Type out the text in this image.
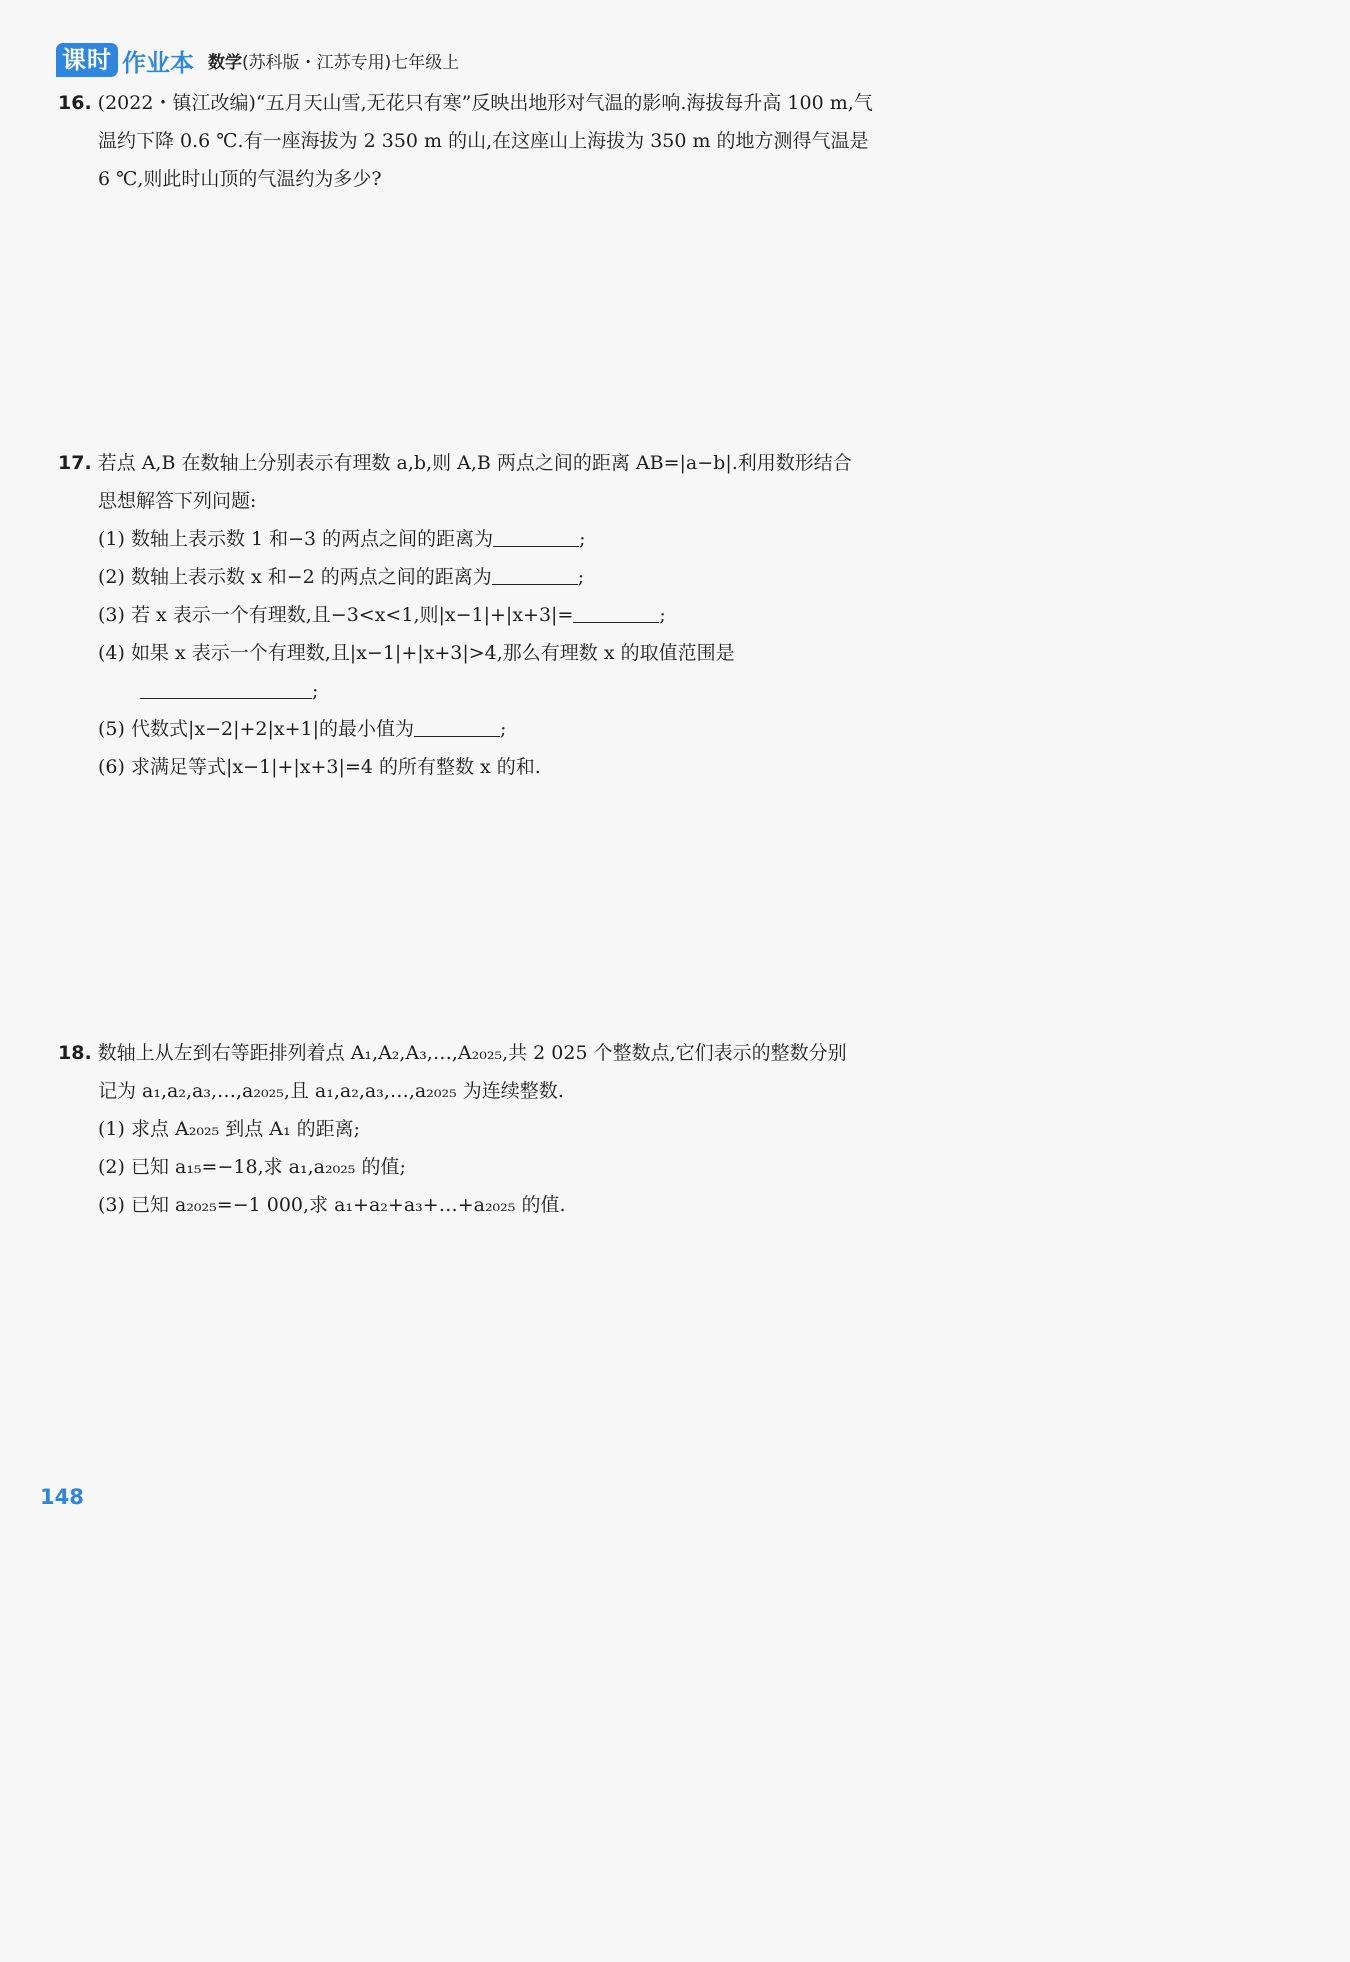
课时 作业本 数学(苏科版・江苏专用)七年级上
16. (2022・镇江改编)“五月天山雪,无花只有寒”反映出地形对气温的影响.海拔每升高 100 m,气
温约下降 0.6 ℃.有一座海拔为 2 350 m 的山,在这座山上海拔为 350 m 的地方测得气温是
6 ℃,则此时山顶的气温约为多少?
17. 若点 A,B 在数轴上分别表示有理数 a,b,则 A,B 两点之间的距离 AB=|a−b|.利用数形结合
思想解答下列问题:
(1) 数轴上表示数 1 和−3 的两点之间的距离为	;
(2) 数轴上表示数 x 和−2 的两点之间的距离为	;
(3) 若 x 表示一个有理数,且−3<x<1,则|x−1|+|x+3|=	;
(4) 如果 x 表示一个有理数,且|x−1|+|x+3|>4,那么有理数 x 的取值范围是
;
(5) 代数式|x−2|+2|x+1|的最小值为	;
(6) 求满足等式|x−1|+|x+3|=4 的所有整数 x 的和.
18. 数轴上从左到右等距排列着点 A₁,A₂,A₃,…,A₂₀₂₅,共 2 025 个整数点,它们表示的整数分别
记为 a₁,a₂,a₃,…,a₂₀₂₅,且 a₁,a₂,a₃,…,a₂₀₂₅ 为连续整数.
(1) 求点 A₂₀₂₅ 到点 A₁ 的距离;
(2) 已知 a₁₅=−18,求 a₁,a₂₀₂₅ 的值;
(3) 已知 a₂₀₂₅=−1 000,求 a₁+a₂+a₃+…+a₂₀₂₅ 的值.
148
